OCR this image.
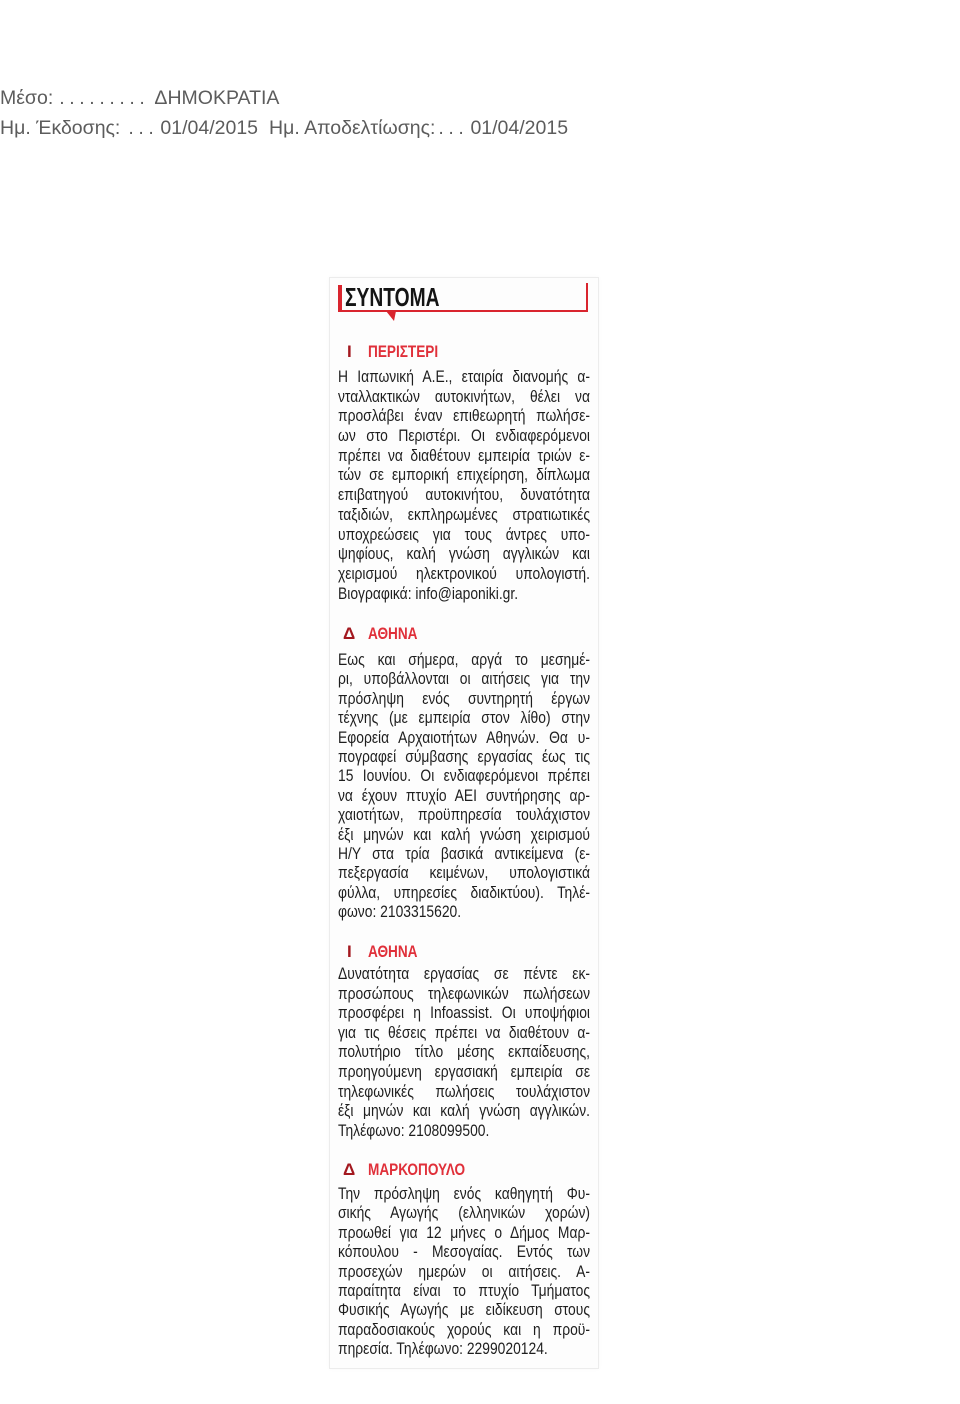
Μέσο: ......... ΔΗΜΟΚΡΑΤΙΑ
Ημ. Έκδοσης: ... 01/04/2015 Ημ. Αποδελτίωσης: ... 01/04/2015
ΣΥΝΤΟΜΑ
I ΠΕΡΙΣΤΕΡΙ
Η Ιαπωνική Α.Ε., εταιρία διανομής α-
νταλλακτικών αυτοκινήτων, θέλει να
προσλάβει έναν επιθεωρητή πωλήσε-
ων στο Περιστέρι. Οι ενδιαφερόμενοι
πρέπει να διαθέτουν εμπειρία τριών ε-
τών σε εμπορική επιχείρηση, δίπλωμα
επιβατηγού αυτοκινήτου, δυνατότητα
ταξιδιών, εκπληρωμένες στρατιωτικές
υποχρεώσεις για τους άντρες υπο-
ψηφίους, καλή γνώση αγγλικών και
χειρισμού ηλεκτρονικού υπολογιστή.
Βιογραφικά: info@iaponiki.gr.
Δ ΑΘΗΝΑ
Εως και σήμερα, αργά το μεσημέ-
ρι, υποβάλλονται οι αιτήσεις για την
πρόσληψη ενός συντηρητή έργων
τέχνης (με εμπειρία στον λίθο) στην
Εφορεία Αρχαιοτήτων Αθηνών. Θα υ-
πογραφεί σύμβασης εργασίας έως τις
15 Ιουνίου. Οι ενδιαφερόμενοι πρέπει
να έχουν πτυχίο ΑΕΙ συντήρησης αρ-
χαιοτήτων, προϋπηρεσία τουλάχιστον
έξι μηνών και καλή γνώση χειρισμού
Η/Υ στα τρία βασικά αντικείμενα (ε-
πεξεργασία κειμένων, υπολογιστικά
φύλλα, υπηρεσίες διαδικτύου). Τηλέ-
φωνο: 2103315620.
I ΑΘΗΝΑ
Δυνατότητα εργασίας σε πέντε εκ-
προσώπους τηλεφωνικών πωλήσεων
προσφέρει η Infoassist. Οι υποψήφιοι
για τις θέσεις πρέπει να διαθέτουν α-
πολυτήριο τίτλο μέσης εκπαίδευσης,
προηγούμενη εργασιακή εμπειρία σε
τηλεφωνικές πωλήσεις τουλάχιστον
έξι μηνών και καλή γνώση αγγλικών.
Τηλέφωνο: 2108099500.
Δ ΜΑΡΚΟΠΟΥΛΟ
Την πρόσληψη ενός καθηγητή Φυ-
σικής Αγωγής (ελληνικών χορών)
προωθεί για 12 μήνες ο Δήμος Μαρ-
κόπουλου - Μεσογαίας. Εντός των
προσεχών ημερών οι αιτήσεις. Α-
παραίτητα είναι το πτυχίο Τμήματος
Φυσικής Αγωγής με ειδίκευση στους
παραδοσιακούς χορούς και η προϋ-
πηρεσία. Τηλέφωνο: 2299020124.
